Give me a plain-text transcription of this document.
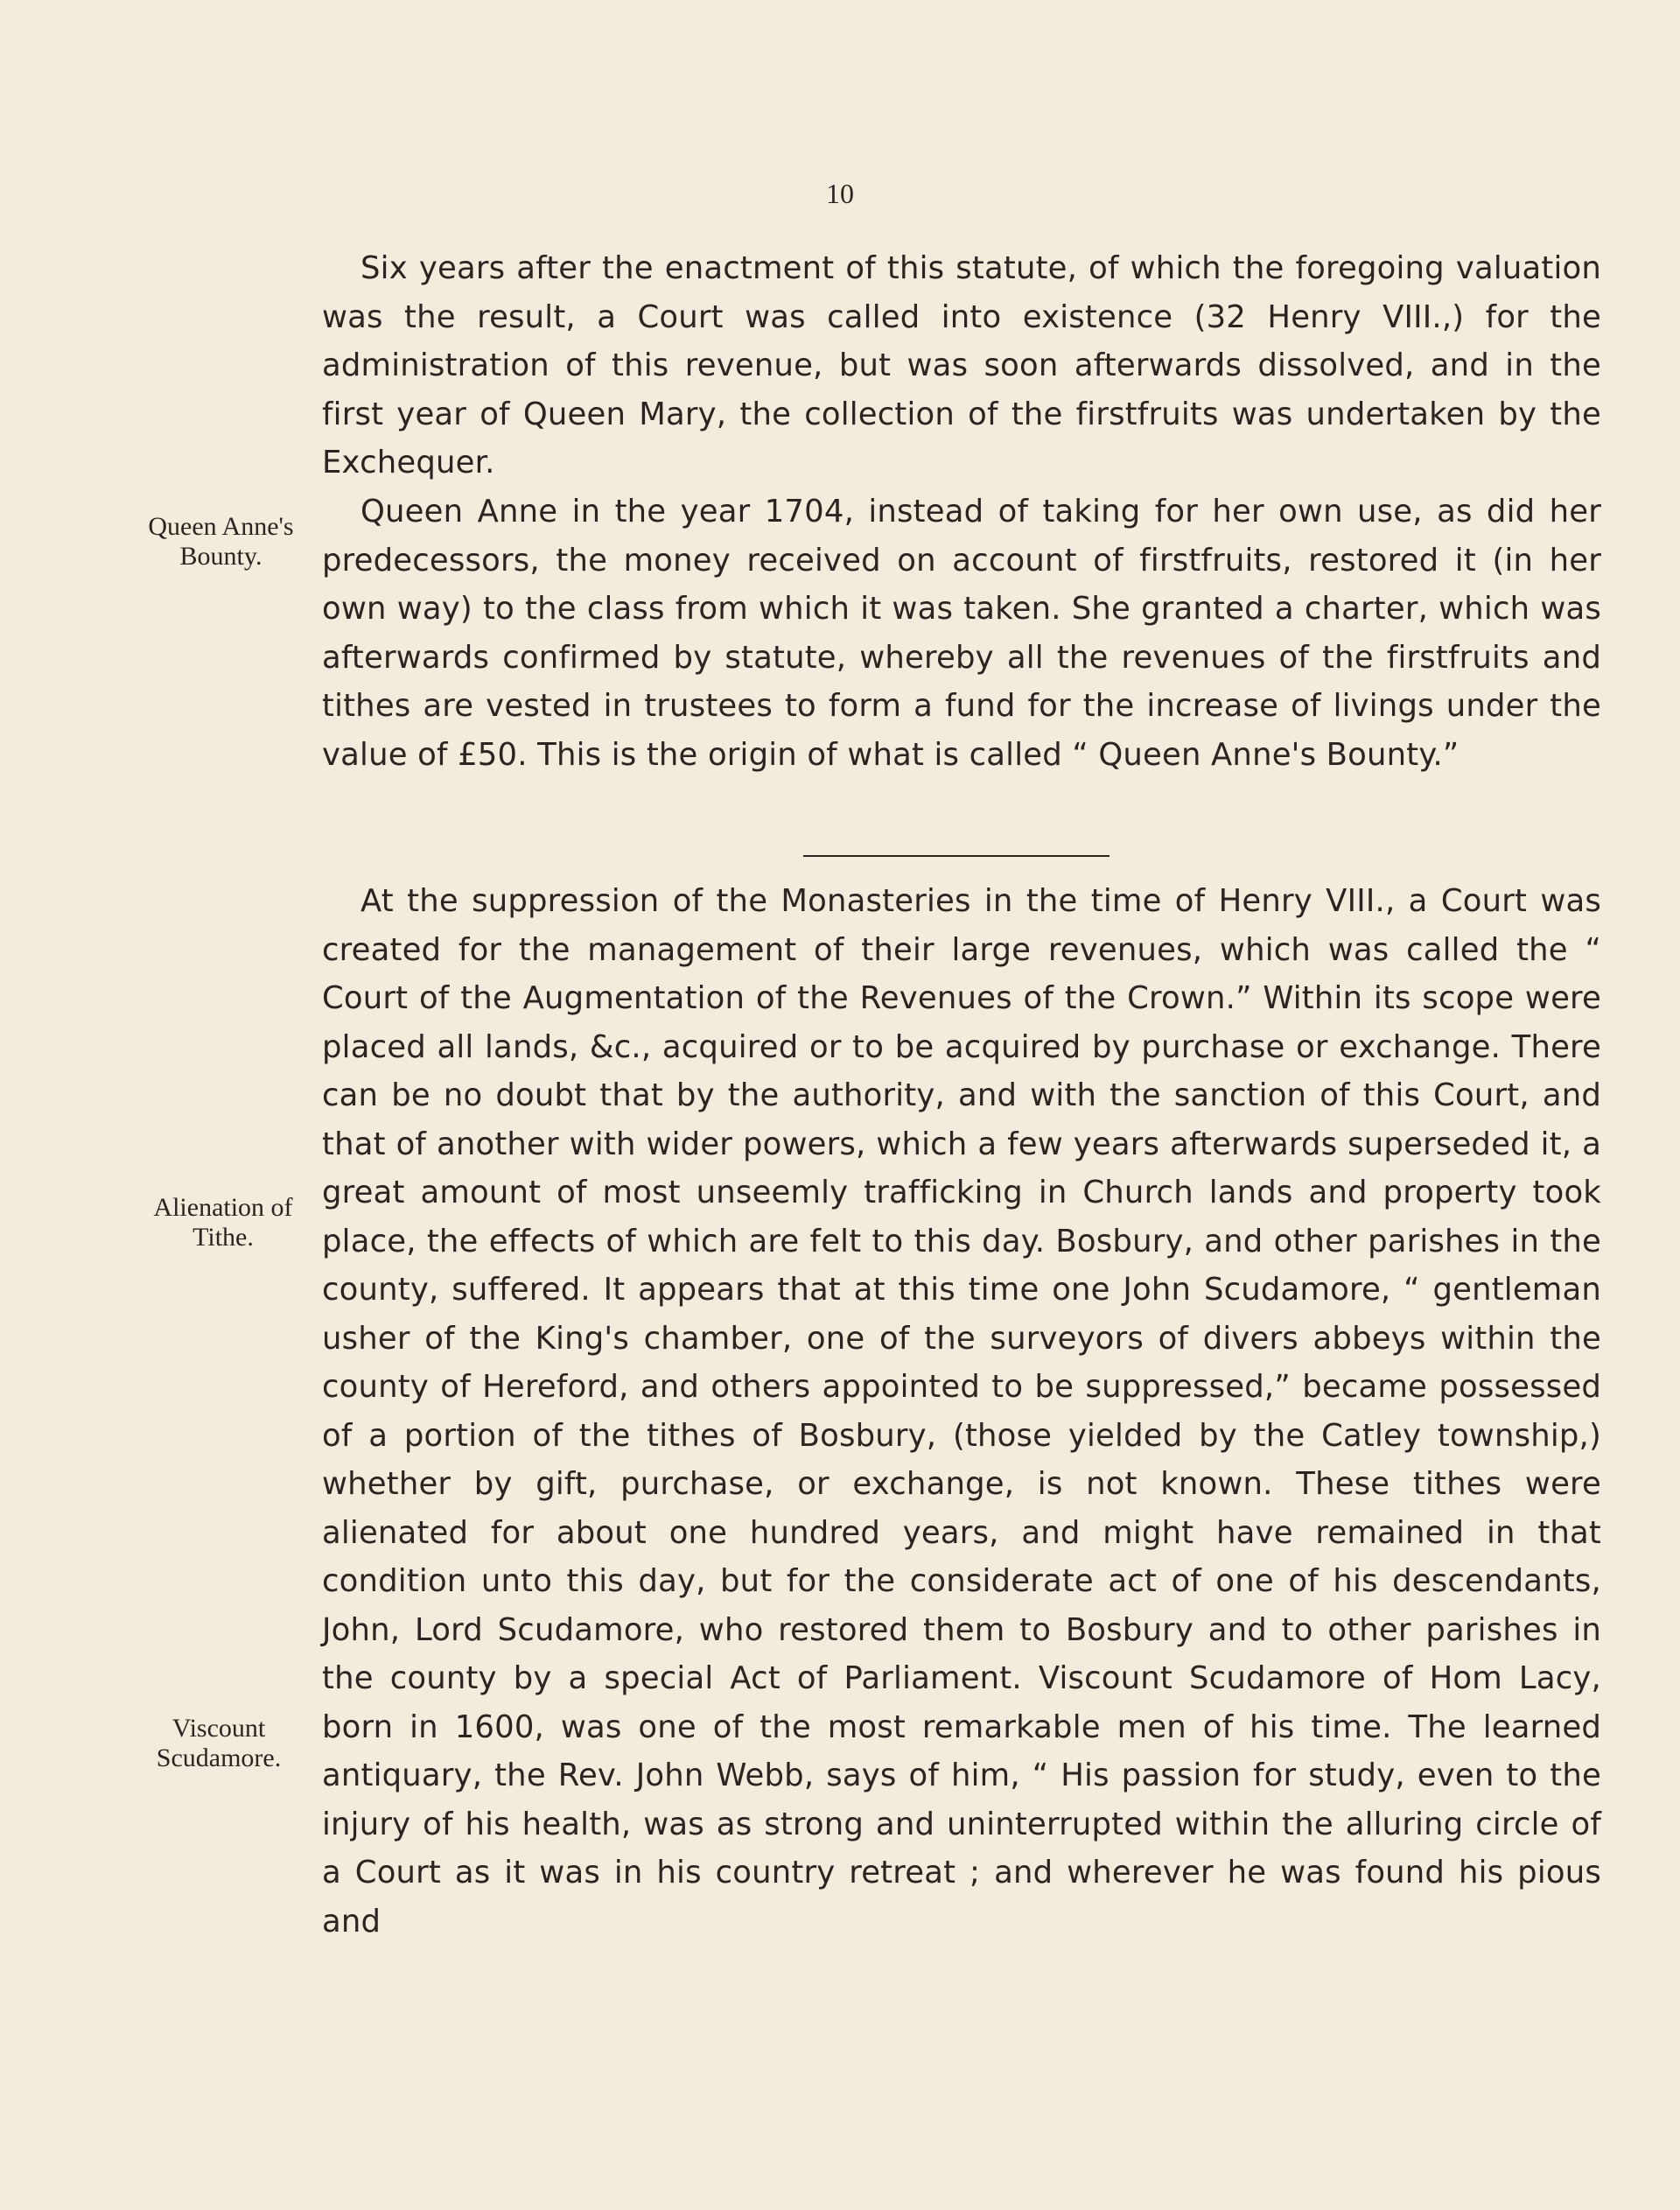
10

Six years after the enactment of this statute, of which the foregoing valuation was the result, a Court was called into existence (32 Henry VIII.,) for the administration of this revenue, but was soon afterwards dissolved, and in the first year of Queen Mary, the collection of the firstfruits was undertaken by the Exchequer.

Queen Anne's Bounty.

Queen Anne in the year 1704, instead of taking for her own use, as did her predecessors, the money received on account of firstfruits, restored it (in her own way) to the class from which it was taken. She granted a charter, which was afterwards confirmed by statute, whereby all the revenues of the firstfruits and tithes are vested in trustees to form a fund for the increase of livings under the value of £50. This is the origin of what is called “ Queen Anne's Bounty.”

Alienation of Tithe.
Viscount Scudamore.

At the suppression of the Monasteries in the time of Henry VIII., a Court was created for the management of their large revenues, which was called the “ Court of the Augmentation of the Revenues of the Crown.” Within its scope were placed all lands, &c., acquired or to be acquired by purchase or exchange. There can be no doubt that by the authority, and with the sanction of this Court, and that of another with wider powers, which a few years afterwards superseded it, a great amount of most unseemly trafficking in Church lands and property took place, the effects of which are felt to this day. Bosbury, and other parishes in the county, suffered. It appears that at this time one John Scudamore, “ gentleman usher of the King's chamber, one of the surveyors of divers abbeys within the county of Hereford, and others appointed to be suppressed,” became possessed of a portion of the tithes of Bosbury, (those yielded by the Catley township,) whether by gift, purchase, or exchange, is not known. These tithes were alienated for about one hundred years, and might have remained in that condition unto this day, but for the considerate act of one of his descendants, John, Lord Scudamore, who restored them to Bosbury and to other parishes in the county by a special Act of Parliament. Viscount Scudamore of Hom Lacy, born in 1600, was one of the most remarkable men of his time. The learned antiquary, the Rev. John Webb, says of him, “ His passion for study, even to the injury of his health, was as strong and uninterrupted within the alluring circle of a Court as it was in his country retreat ; and wherever he was found his pious and
